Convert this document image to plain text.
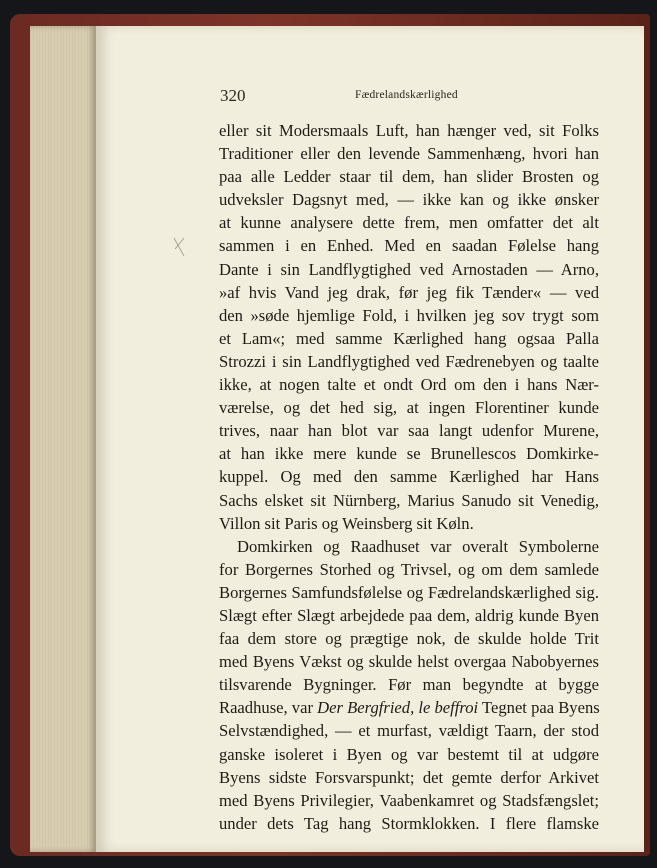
320	Fædrelandskærlighed
eller sit Modersmaals Luft, han hænger ved, sit Folks
Traditioner eller den levende Sammenhæng, hvori han
paa alle Ledder staar til dem, han slider Brosten og
udveksler Dagsnyt med, — ikke kan og ikke ønsker
at kunne analysere dette frem, men omfatter det alt
sammen i en Enhed. Med en saadan Følelse hang
Dante i sin Landflygtighed ved Arnostaden — Arno,
»af hvis Vand jeg drak, før jeg fik Tænder« — ved
den »søde hjemlige Fold, i hvilken jeg sov trygt som
et Lam«; med samme Kærlighed hang ogsaa Palla
Strozzi i sin Landflygtighed ved Fædrenebyen og taalte
ikke, at nogen talte et ondt Ord om den i hans Nær-
værelse, og det hed sig, at ingen Florentiner kunde
trives, naar han blot var saa langt udenfor Murene,
at han ikke mere kunde se Brunellescos Domkirke-
kuppel. Og med den samme Kærlighed har Hans
Sachs elsket sit Nürnberg, Marius Sanudo sit Venedig,
Villon sit Paris og Weinsberg sit Køln.
Domkirken og Raadhuset var overalt Symbolerne
for Borgernes Storhed og Trivsel, og om dem samlede
Borgernes Samfundsfølelse og Fædrelandskærlighed sig.
Slægt efter Slægt arbejdede paa dem, aldrig kunde Byen
faa dem store og prægtige nok, de skulde holde Trit
med Byens Vækst og skulde helst overgaa Nabobyernes
tilsvarende Bygninger. Før man begyndte at bygge
Raadhuse, var Der Bergfried, le beffroi Tegnet paa Byens
Selvstændighed, — et murfast, vældigt Taarn, der stod
ganske isoleret i Byen og var bestemt til at udgøre
Byens sidste Forsvarspunkt; det gemte derfor Arkivet
med Byens Privilegier, Vaabenkamret og Stadsfængslet;
under dets Tag hang Stormklokken. I flere flamske
